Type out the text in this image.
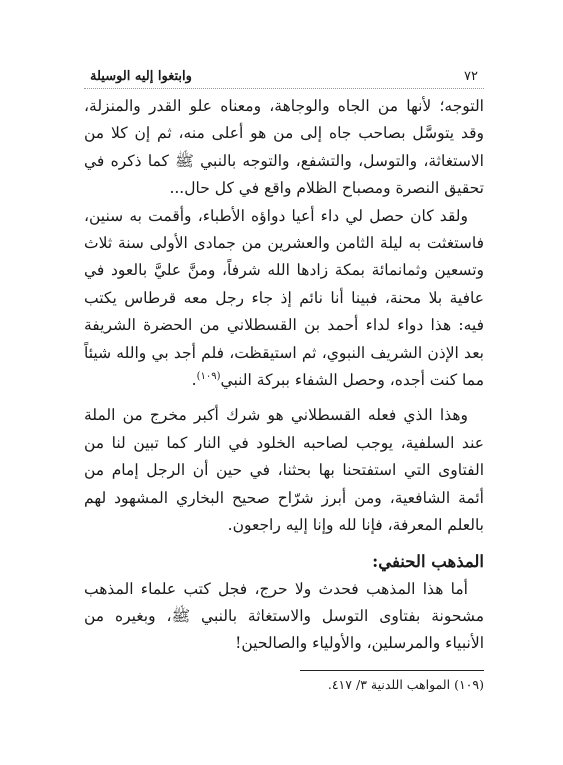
٧٢
وابتغوا إليه الوسيلة

التوجه؛ لأنها من الجاه والوجاهة، ومعناه علو القدر والمنزلة، وقد يتوسَّل بصاحب جاه إلى من هو أعلى منه، ثم إن كلا من الاستغاثة، والتوسل، والتشفع، والتوجه بالنبي ﷺ كما ذكره في تحقيق النصرة ومصباح الظلام واقع في كل حال...

ولقد كان حصل لي داء أعيا دواؤه الأطباء، وأقمت به سنين، فاستغثت به ليلة الثامن والعشرين من جمادى الأولى سنة ثلاث وتسعين وثمانمائة بمكة زادها الله شرفاً، ومنَّ عليَّ بالعود في عافية بلا محنة، فبينا أنا نائم إذ جاء رجل معه قرطاس يكتب فيه: هذا دواء لداء أحمد بن القسطلاني من الحضرة الشريفة بعد الإذن الشريف النبوي، ثم استيقظت، فلم أجد بي والله شيئاً مما كنت أجده، وحصل الشفاء ببركة النبي$^{(١٠٩)}$.

وهذا الذي فعله القسطلاني هو شرك أكبر مخرج من الملة عند السلفية، يوجب لصاحبه الخلود في النار كما تبين لنا من الفتاوى التي استفتحنا بها بحثنا، في حين أن الرجل إمام من أئمة الشافعية، ومن أبرز شرّاح صحيح البخاري المشهود لهم بالعلم المعرفة، فإنا لله وإنا إليه راجعون.

المذهب الحنفي:

أما هذا المذهب فحدث ولا حرج، فجل كتب علماء المذهب مشحونة بفتاوى التوسل والاستغاثة بالنبي ﷺ، وبغيره من الأنبياء والمرسلين، والأولياء والصالحين!

(١٠٩) المواهب اللدنية ٣/ ٤١٧.
